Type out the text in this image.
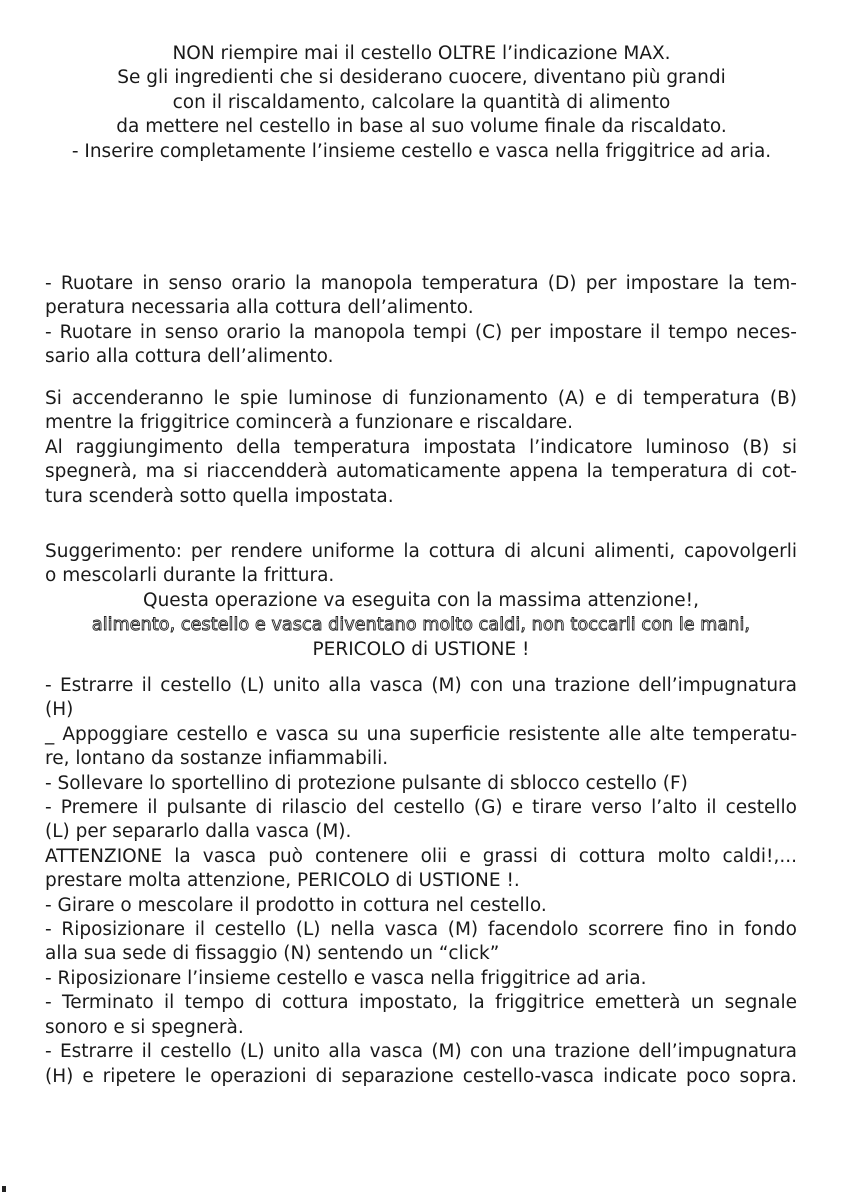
NON riempire mai il cestello OLTRE l’indicazione MAX.

Se gli ingredienti che si desiderano cuocere, diventano più grandi

con il riscaldamento, calcolare la quantità di alimento

da mettere nel cestello in base al suo volume finale da riscaldato.

- Inserire completamente l’insieme cestello e vasca nella friggitrice ad aria.

- Ruotare in senso orario la manopola temperatura (D) per impostare la tem-

peratura necessaria alla cottura dell’alimento.

- Ruotare in senso orario la manopola tempi (C) per impostare il tempo neces-

sario alla cottura dell’alimento.

Si accenderanno le spie luminose di funzionamento (A) e di temperatura (B)

mentre la friggitrice comincerà a funzionare e riscaldare.

Al raggiungimento della temperatura impostata l’indicatore luminoso (B) si

spegnerà, ma si riaccendderà automaticamente appena la temperatura di cot-

tura scenderà sotto quella impostata.

Suggerimento: per rendere uniforme la cottura di alcuni alimenti, capovolgerli

o mescolarli durante la frittura.

Questa operazione va eseguita con la massima attenzione!,

alimento, cestello e vasca diventano molto caldi, non toccarli con le mani,

PERICOLO di USTIONE !

- Estrarre il cestello (L) unito alla vasca (M) con una trazione dell’impugnatura

(H)

_ Appoggiare cestello e vasca su una superficie resistente alle alte temperatu-

re, lontano da sostanze infiammabili.

- Sollevare lo sportellino di protezione pulsante di sblocco cestello (F)

- Premere il pulsante di rilascio del cestello (G) e tirare verso l’alto il cestello

(L) per separarlo dalla vasca (M).

ATTENZIONE la vasca può contenere olii e grassi di cottura molto caldi!,...

prestare molta attenzione, PERICOLO di USTIONE !.

- Girare o mescolare il prodotto in cottura nel cestello.

- Riposizionare il cestello (L) nella vasca (M) facendolo scorrere fino in fondo

alla sua sede di fissaggio (N) sentendo un “click”

- Riposizionare l’insieme cestello e vasca nella friggitrice ad aria.

- Terminato il tempo di cottura impostato, la friggitrice emetterà un segnale

sonoro e si spegnerà.

- Estrarre il cestello (L) unito alla vasca (M) con una trazione dell’impugnatura

(H) e ripetere le operazioni di separazione cestello-vasca indicate poco sopra.
